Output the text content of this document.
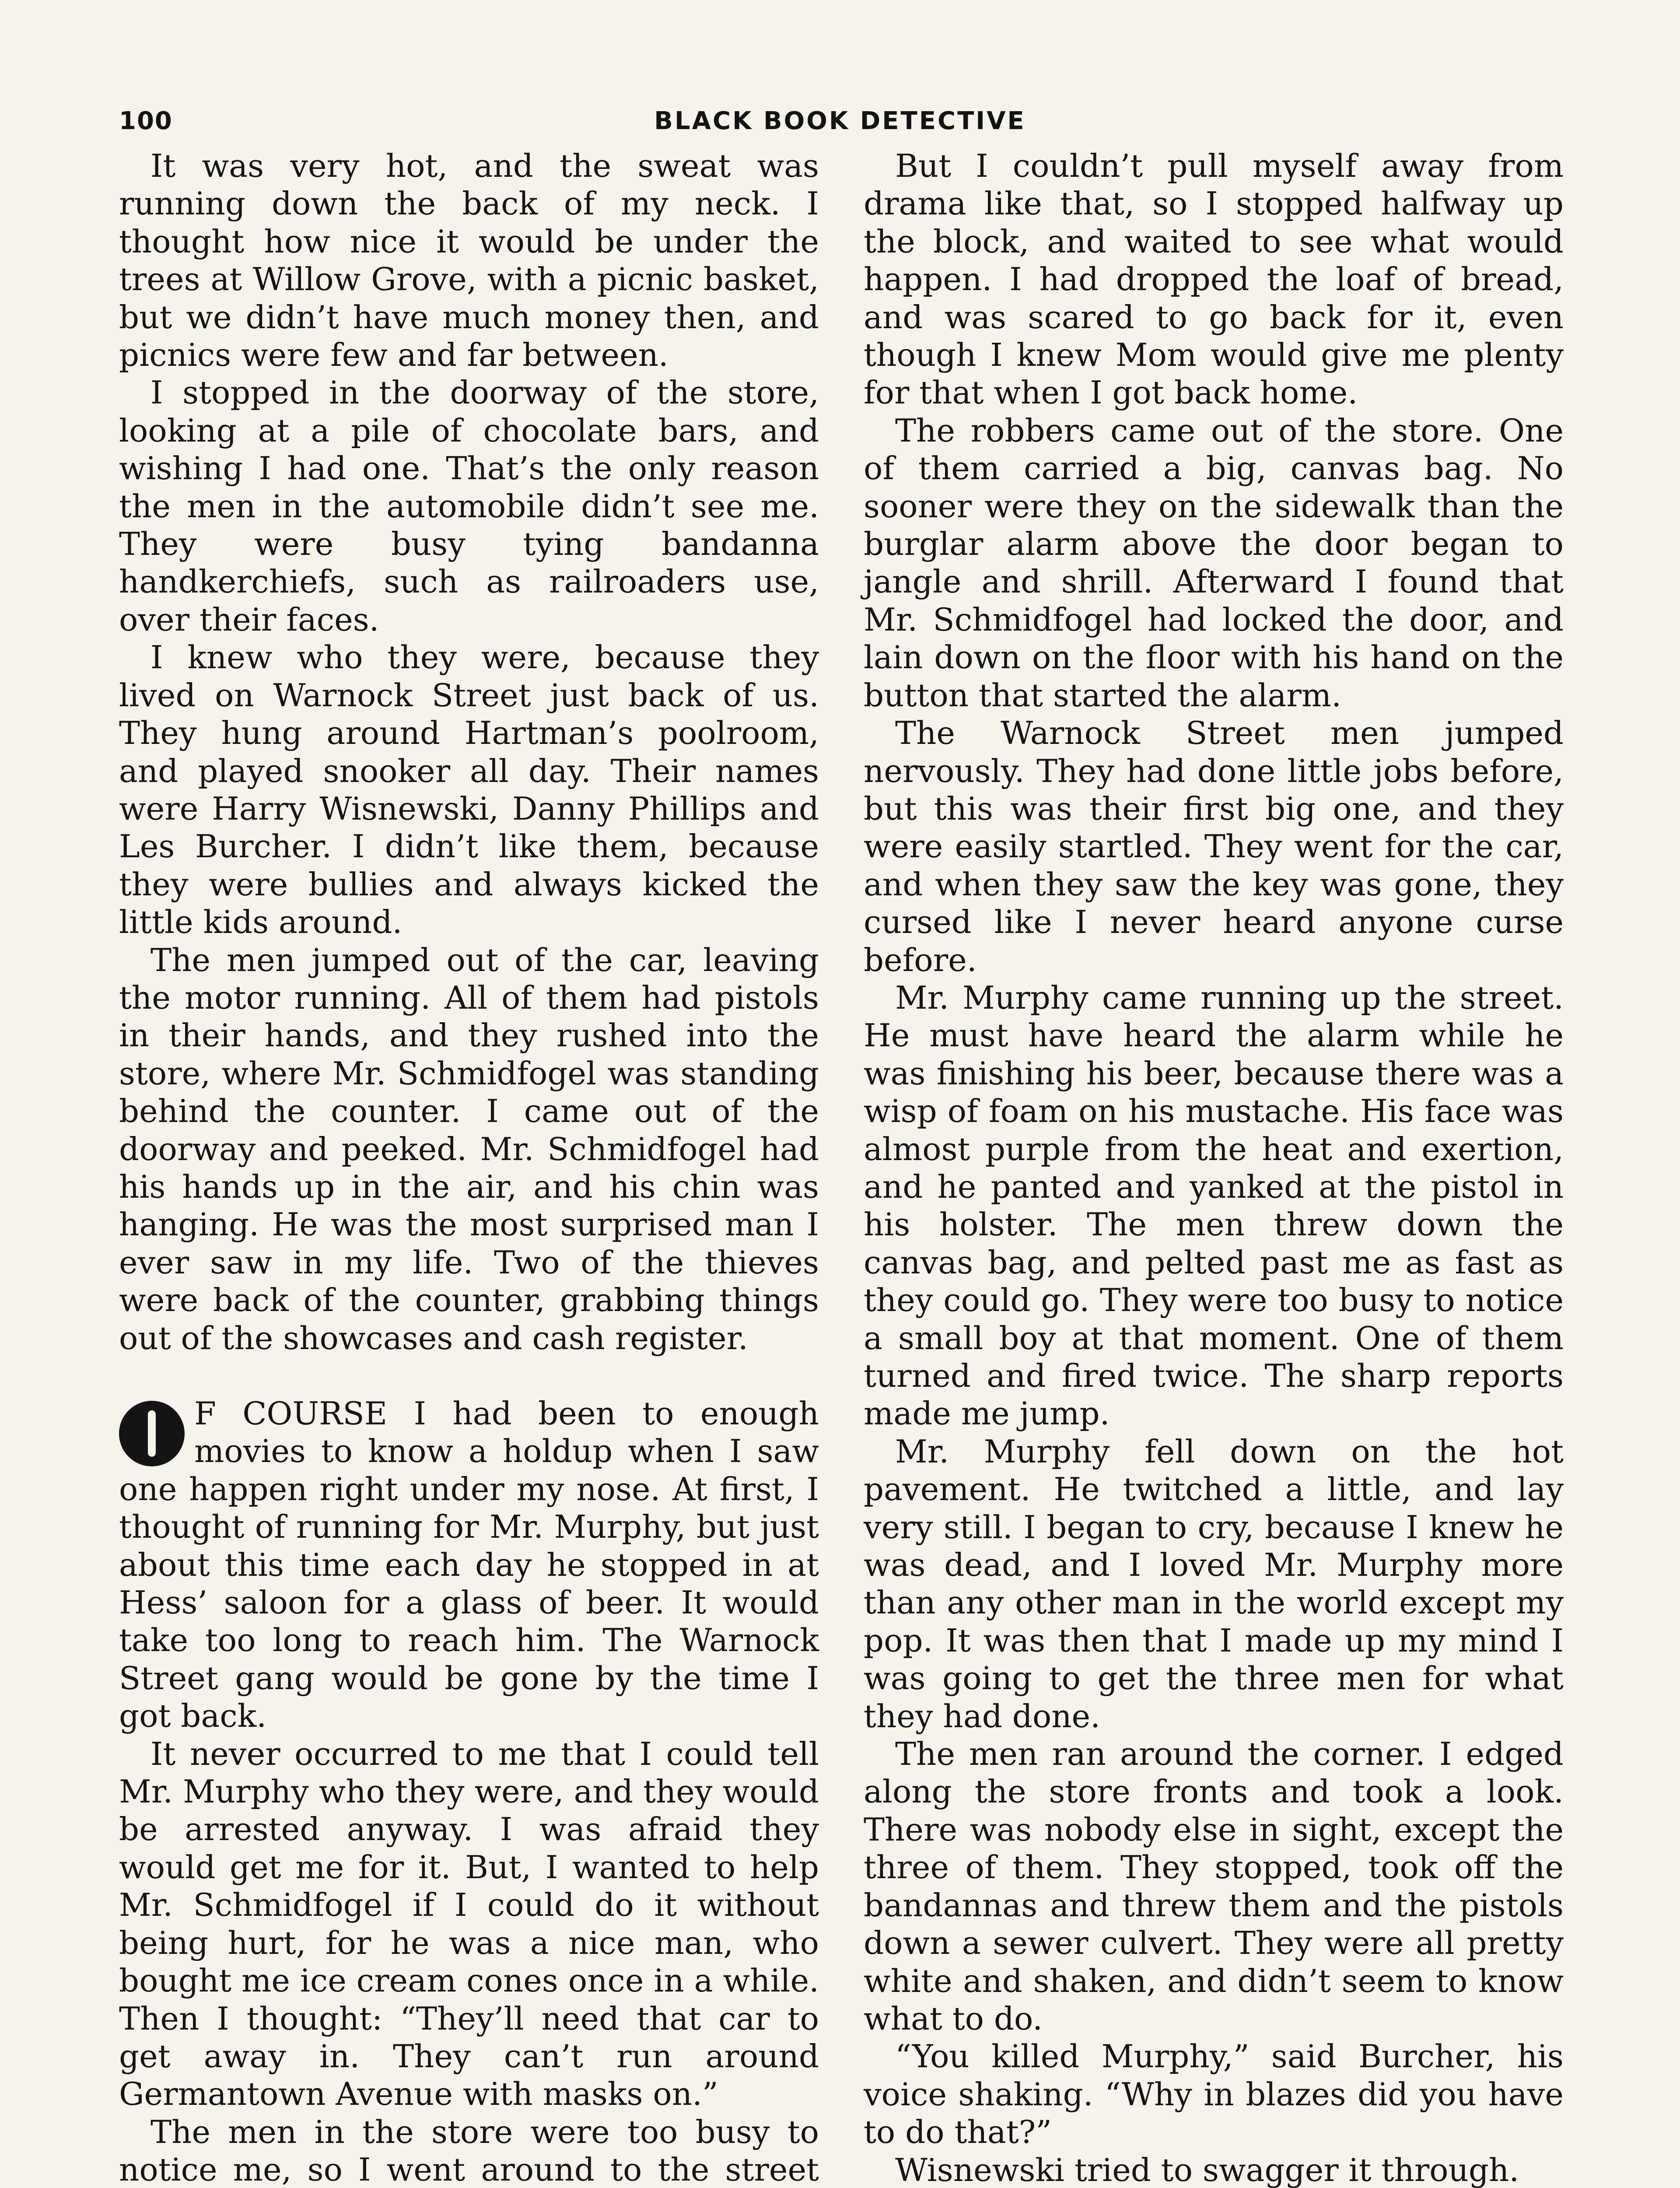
100	BLACK BOOK DETECTIVE

It was very hot, and the sweat was running down the back of my neck. I thought how nice it would be under the trees at Willow Grove, with a picnic basket, but we didn’t have much money then, and picnics were few and far between.

I stopped in the doorway of the store, looking at a pile of chocolate bars, and wishing I had one. That’s the only reason the men in the automobile didn’t see me. They were busy tying bandanna handkerchiefs, such as railroaders use, over their faces.

I knew who they were, because they lived on Warnock Street just back of us. They hung around Hartman’s poolroom, and played snooker all day. Their names were Harry Wisnewski, Danny Phillips and Les Burcher. I didn’t like them, because they were bullies and always kicked the little kids around.

The men jumped out of the car, leaving the motor running. All of them had pistols in their hands, and they rushed into the store, where Mr. Schmidfogel was standing behind the counter. I came out of the doorway and peeked. Mr. Schmidfogel had his hands up in the air, and his chin was hanging. He was the most surprised man I ever saw in my life. Two of the thieves were back of the counter, grabbing things out of the showcases and cash register.

F COURSE I had been to enough movies to know a holdup when I saw one happen right under my nose. At first, I thought of running for Mr. Murphy, but just about this time each day he stopped in at Hess’ saloon for a glass of beer. It would take too long to reach him. The Warnock Street gang would be gone by the time I got back.

It never occurred to me that I could tell Mr. Murphy who they were, and they would be arrested anyway. I was afraid they would get me for it. But, I wanted to help Mr. Schmidfogel if I could do it without being hurt, for he was a nice man, who bought me ice cream cones once in a while. Then I thought: “They’ll need that car to get away in. They can’t run around Germantown Avenue with masks on.”

The men in the store were too busy to notice me, so I went around to the street

But I couldn’t pull myself away from drama like that, so I stopped halfway up the block, and waited to see what would happen. I had dropped the loaf of bread, and was scared to go back for it, even though I knew Mom would give me plenty for that when I got back home.

The robbers came out of the store. One of them carried a big, canvas bag. No sooner were they on the sidewalk than the burglar alarm above the door began to jangle and shrill. Afterward I found that Mr. Schmidfogel had locked the door, and lain down on the floor with his hand on the button that started the alarm.

The Warnock Street men jumped nervously. They had done little jobs before, but this was their first big one, and they were easily startled. They went for the car, and when they saw the key was gone, they cursed like I never heard anyone curse before.

Mr. Murphy came running up the street. He must have heard the alarm while he was finishing his beer, because there was a wisp of foam on his mustache. His face was almost purple from the heat and exertion, and he panted and yanked at the pistol in his holster. The men threw down the canvas bag, and pelted past me as fast as they could go. They were too busy to notice a small boy at that moment. One of them turned and fired twice. The sharp reports made me jump.

Mr. Murphy fell down on the hot pavement. He twitched a little, and lay very still. I began to cry, because I knew he was dead, and I loved Mr. Murphy more than any other man in the world except my pop. It was then that I made up my mind I was going to get the three men for what they had done.

The men ran around the corner. I edged along the store fronts and took a look. There was nobody else in sight, except the three of them. They stopped, took off the bandannas and threw them and the pistols down a sewer culvert. They were all pretty white and shaken, and didn’t seem to know what to do.

“You killed Murphy,” said Burcher, his voice shaking. “Why in blazes did you have to do that?”

Wisnewski tried to swagger it through.
